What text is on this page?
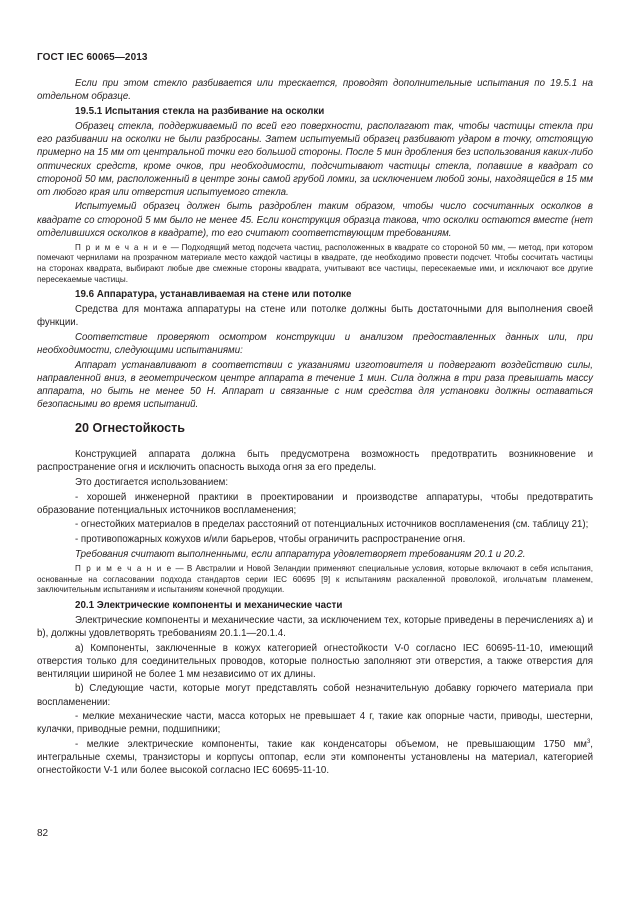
ГОСТ IEC 60065—2013

Если при этом стекло разбивается или трескается, проводят дополнительные испытания по 19.5.1 на отдельном образце.

19.5.1 Испытания стекла на разбивание на осколки

Образец стекла, поддерживаемый по всей его поверхности, располагают так, чтобы частицы стекла при его разбивании на осколки не были разбросаны. Затем испытуемый образец разбивают ударом в точку, отстоящую примерно на 15 мм от центральной точки его большой стороны. После 5 мин дробления без использования каких-либо оптических средств, кроме очков, при необходимости, подсчитывают частицы стекла, попавшие в квадрат со стороной 50 мм, расположенный в центре зоны самой грубой ломки, за исключением любой зоны, находящейся в 15 мм от любого края или отверстия испытуемого стекла.

Испытуемый образец должен быть раздроблен таким образом, чтобы число сосчитанных осколков в квадрате со стороной 5 мм было не менее 45. Если конструкция образца такова, что осколки остаются вместе (нет отделившихся осколков в квадрате), то его считают соответствующим требованиям.

П р и м е ч а н и е — Подходящий метод подсчета частиц, расположенных в квадрате со стороной 50 мм, — метод, при котором помечают чернилами на прозрачном материале место каждой частицы в квадрате, где необходимо провести подсчет. Чтобы сосчитать частицы на сторонах квадрата, выбирают любые две смежные стороны квадрата, учитывают все частицы, пересекаемые ими, и исключают все другие пересекаемые частицы.

19.6 Аппаратура, устанавливаемая на стене или потолке

Средства для монтажа аппаратуры на стене или потолке должны быть достаточными для выполнения своей функции.

Соответствие проверяют осмотром конструкции и анализом предоставленных данных или, при необходимости, следующими испытаниями:

Аппарат устанавливают в соответствии с указаниями изготовителя и подвергают воздействию силы, направленной вниз, в геометрическом центре аппарата в течение 1 мин. Сила должна в три раза превышать массу аппарата, но быть не менее 50 Н. Аппарат и связанные с ним средства для установки должны оставаться безопасными во время испытаний.

20 Огнестойкость

Конструкцией аппарата должна быть предусмотрена возможность предотвратить возникновение и распространение огня и исключить опасность выхода огня за его пределы.

Это достигается использованием:

- хорошей инженерной практики в проектировании и производстве аппаратуры, чтобы предотвратить образование потенциальных источников воспламенения;

- огнестойких материалов в пределах расстояний от потенциальных источников воспламенения (см. таблицу 21);

- противопожарных кожухов и/или барьеров, чтобы ограничить распространение огня.

Требования считают выполненными, если аппаратура удовлетворяет требованиям 20.1 и 20.2.

П р и м е ч а н и е — В Австралии и Новой Зеландии применяют специальные условия, которые включают в себя испытания, основанные на согласовании подхода стандартов серии IEC 60695 [9] к испытаниям раскаленной проволокой, игольчатым пламенем, заключительным испытаниям и испытаниям конечной продукции.

20.1 Электрические компоненты и механические части

Электрические компоненты и механические части, за исключением тех, которые приведены в перечислениях а) и b), должны удовлетворять требованиям 20.1.1—20.1.4.

a) Компоненты, заключенные в кожух категорией огнестойкости V-0 согласно IEC 60695-11-10, имеющий отверстия только для соединительных проводов, которые полностью заполняют эти отверстия, а также отверстия для вентиляции шириной не более 1 мм независимо от их длины.

b) Следующие части, которые могут представлять собой незначительную добавку горючего материала при воспламенении:

- мелкие механические части, масса которых не превышает 4 г, такие как опорные части, приводы, шестерни, кулачки, приводные ремни, подшипники;

- мелкие электрические компоненты, такие как конденсаторы объемом, не превышающим 1750 $мм^3$, интегральные схемы, транзисторы и корпусы оптопар, если эти компоненты установлены на материал, категорией огнестойкости V-1 или более высокой согласно IEC 60695-11-10.

82
